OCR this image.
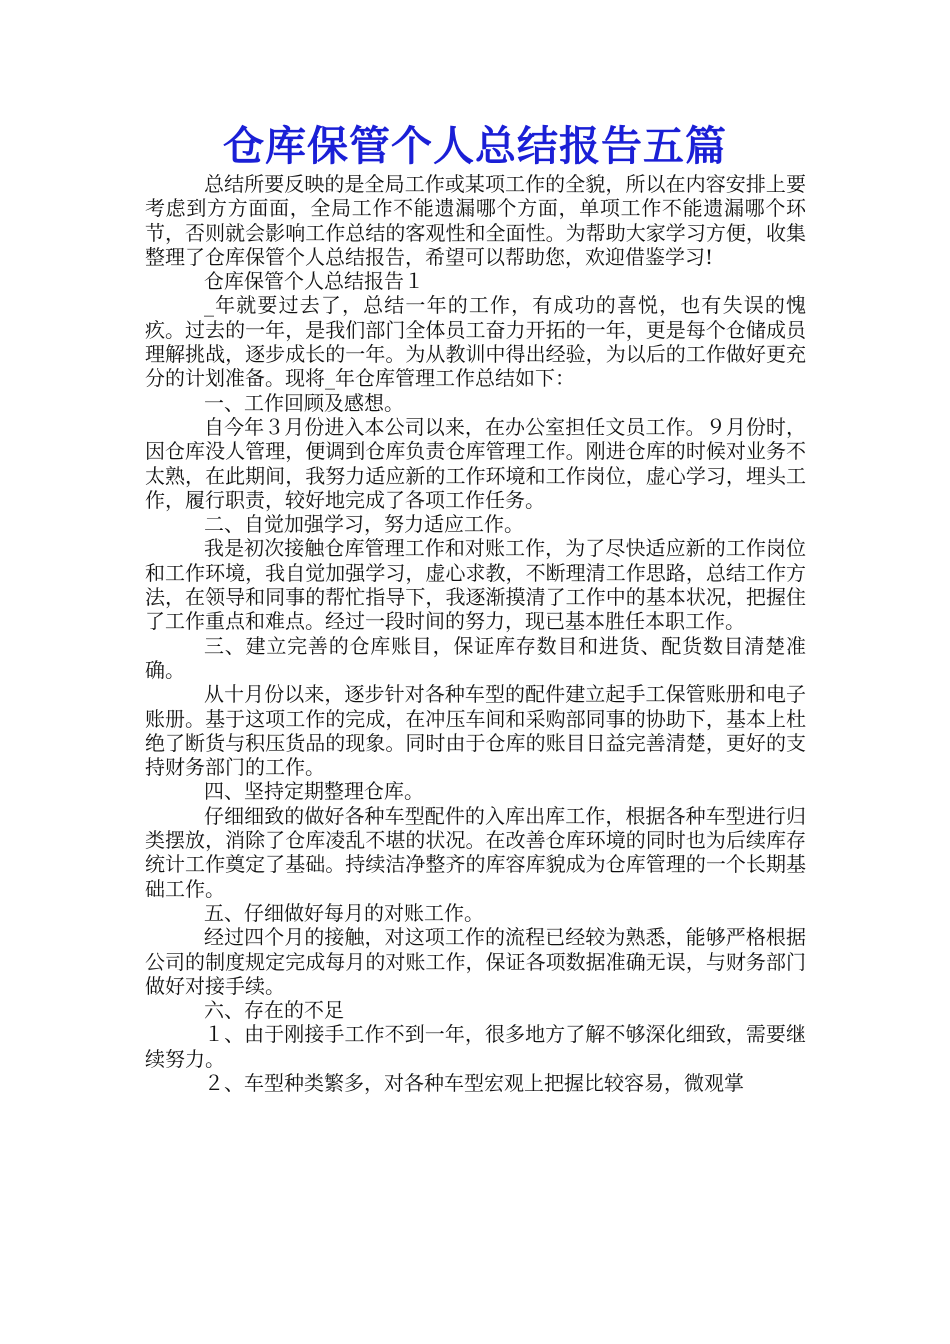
仓库保管个人总结报告五篇

总结所要反映的是全局工作或某项工作的全貌，所以在内容安排上要考虑到方方面面，全局工作不能遗漏哪个方面，单项工作不能遗漏哪个环节，否则就会影响工作总结的客观性和全面性。为帮助大家学习方便，收集整理了仓库保管个人总结报告，希望可以帮助您，欢迎借鉴学习!

仓库保管个人总结报告１

_年就要过去了，总结一年的工作，有成功的喜悦，也有失误的愧疚。过去的一年，是我们部门全体员工奋力开拓的一年，更是每个仓储成员理解挑战，逐步成长的一年。为从教训中得出经验，为以后的工作做好更充分的计划准备。现将_年仓库管理工作总结如下：

一、工作回顾及感想。

自今年３月份进入本公司以来，在办公室担任文员工作。９月份时，因仓库没人管理，便调到仓库负责仓库管理工作。刚进仓库的时候对业务不太熟，在此期间，我努力适应新的工作环境和工作岗位，虚心学习，埋头工作，履行职责，较好地完成了各项工作任务。

二、自觉加强学习，努力适应工作。

我是初次接触仓库管理工作和对账工作，为了尽快适应新的工作岗位和工作环境，我自觉加强学习，虚心求教，不断理清工作思路，总结工作方法，在领导和同事的帮忙指导下，我逐渐摸清了工作中的基本状况，把握住了工作重点和难点。经过一段时间的努力，现已基本胜任本职工作。

三、建立完善的仓库账目，保证库存数目和进货、配货数目清楚准确。

从十月份以来，逐步针对各种车型的配件建立起手工保管账册和电子账册。基于这项工作的完成，在冲压车间和采购部同事的协助下，基本上杜绝了断货与积压货品的现象。同时由于仓库的账目日益完善清楚，更好的支持财务部门的工作。

四、坚持定期整理仓库。

仔细细致的做好各种车型配件的入库出库工作，根据各种车型进行归类摆放，消除了仓库凌乱不堪的状况。在改善仓库环境的同时也为后续库存统计工作奠定了基础。持续洁净整齐的库容库貌成为仓库管理的一个长期基础工作。

五、仔细做好每月的对账工作。

经过四个月的接触，对这项工作的流程已经较为熟悉，能够严格根据公司的制度规定完成每月的对账工作，保证各项数据准确无误，与财务部门做好对接手续。

六、存在的不足

１、由于刚接手工作不到一年，很多地方了解不够深化细致，需要继续努力。

２、车型种类繁多，对各种车型宏观上把握比较容易，微观掌
